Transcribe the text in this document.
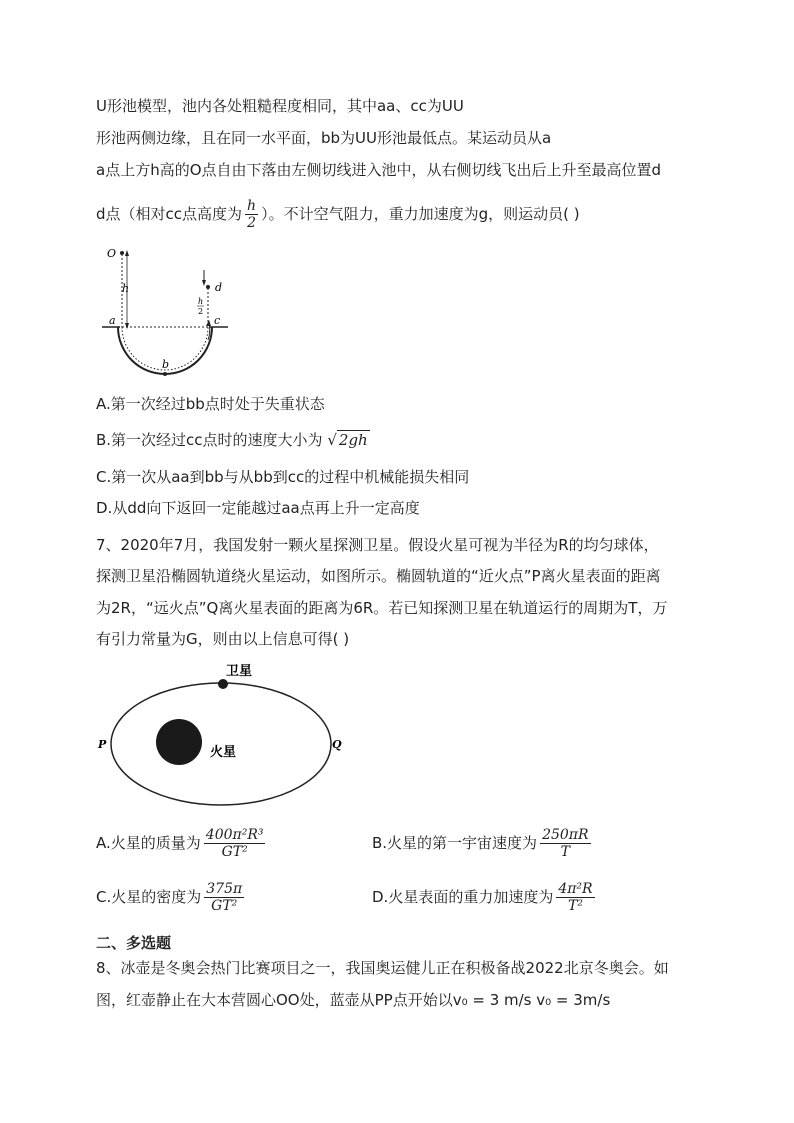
U形池模型，池内各处粗糙程度相同，其中aa、cc为UU
形池两侧边缘，且在同一水平面，bb为UU形池最低点。某运动员从a
a点上方h高的O点自由下落由左侧切线进入池中，从右侧切线飞出后上升至最高位置d
d点（相对cc点高度为 $\frac{h}{2}$ ）。不计空气阻力，重力加速度为g，则运动员( )
O
h	d
h
2
a	c
b
A.第一次经过bb点时处于失重状态
B.第一次经过cc点时的速度大小为 √ 2gh
C.第一次从aa到bb与从bb到cc的过程中机械能损失相同
D.从dd向下返回一定能越过aa点再上升一定高度
7、2020年7月，我国发射一颗火星探测卫星。假设火星可视为半径为R的均匀球体，
探测卫星沿椭圆轨道绕火星运动，如图所示。椭圆轨道的“近火点”P离火星表面的距离
为2R，“远火点”Q离火星表面的距离为6R。若已知探测卫星在轨道运行的周期为T，万
有引力常量为G，则由以上信息可得( )
卫星
火星
P	Q
A.火星的质量为 $\frac{\text{400π²R³}}{\text{GT²}}$	B.火星的第一宇宙速度为 $\frac{250\pi R}{T}$
C.火星的密度为 $\frac{375\pi}{\text{GT²}}$	D.火星表面的重力加速度为 $\frac{\text{4π²R}}{\text{T²}}$
二、多选题
8、冰壶是冬奥会热门比赛项目之一，我国奥运健儿正在积极备战2022北京冬奥会。如
图，红壶静止在大本营圆心OO处，蓝壶从PP点开始以v₀ = 3 m/s v₀ = 3m/s
